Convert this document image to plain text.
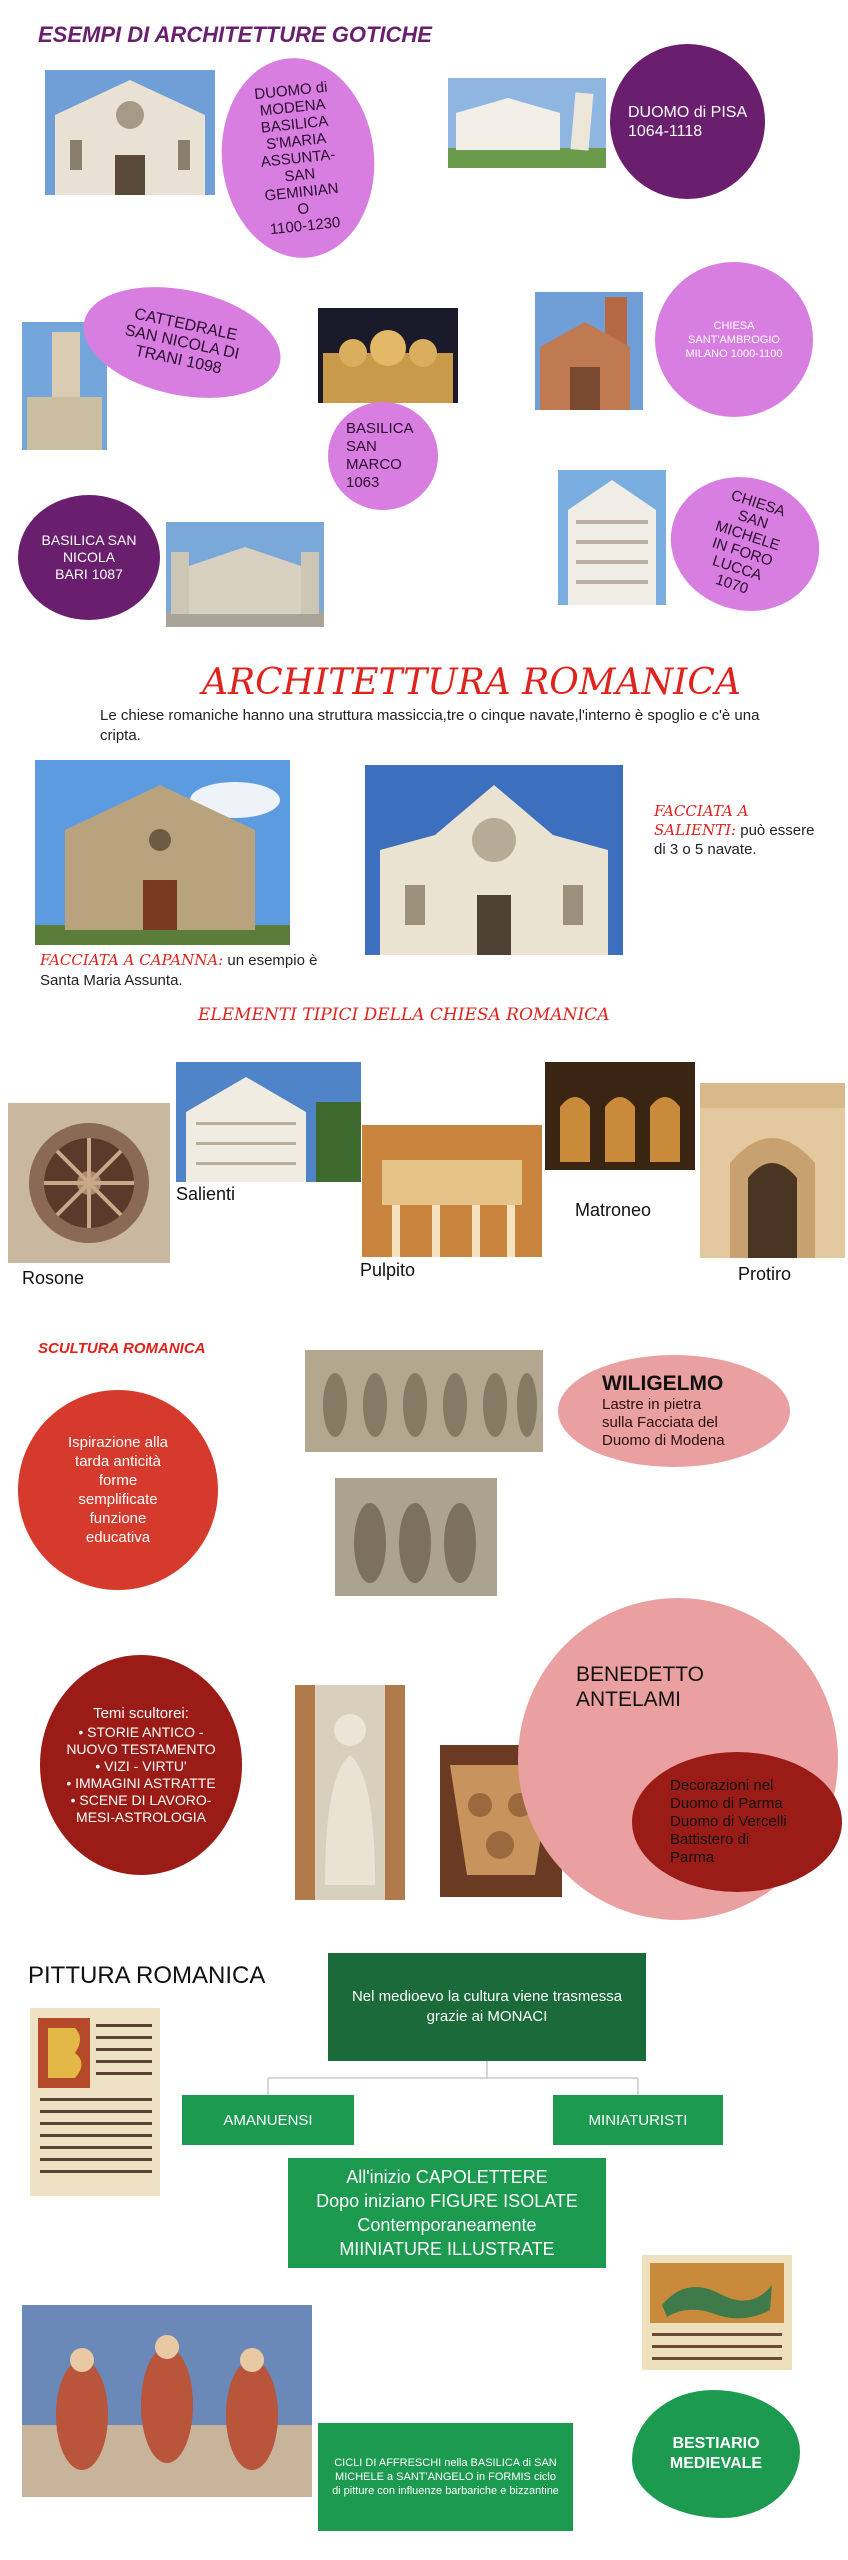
ESEMPI DI ARCHITETTURE GOTICHE
DUOMO di
MODENA
BASILICA
S'MARIA
ASSUNTA-
SAN
GEMINIAN
O
1100-1230
DUOMO di PISA
1064-1118
CATTEDRALE
SAN NICOLA DI
TRANI 1098
BASILICA
SAN
MARCO
1063
CHIESA
SANT'AMBROGIO
MILANO 1000-1100
BASILICA SAN
NICOLA
BARI 1087
CHIESA
SAN
MICHELE
IN FORO
LUCCA
1070
ARCHITETTURA ROMANICA
Le chiese romaniche hanno una struttura massiccia,tre o cinque navate,l'interno è spoglio e c'è una cripta.
FACCIATA A SALIENTI: può essere di 3 o 5 navate.
FACCIATA A CAPANNA: un esempio è Santa Maria Assunta.
ELEMENTI TIPICI DELLA CHIESA ROMANICA
Rosone
Salienti
Pulpito
Matroneo
Protiro
SCULTURA ROMANICA
Ispirazione alla
tarda anticità
forme
semplificate
funzione
educativa
WILIGELMO
Lastre in pietra
sulla Facciata del
Duomo di Modena
Temi scultorei:
• STORIE ANTICO -NUOVO TESTAMENTO
• VIZI - VIRTU'
• IMMAGINI ASTRATTE
• SCENE DI LAVORO-MESI-ASTROLOGIA
BENEDETTO
ANTELAMI
Decorazioni nel
Duomo di Parma
Duomo di Vercelli
Battistero di
Parma
PITTURA ROMANICA
Nel medioevo la cultura viene trasmessa grazie ai MONACI
AMANUENSI	MINIATURISTI
All'inizio CAPOLETTERE
Dopo iniziano FIGURE ISOLATE
Contemporaneamente
MIINIATURE ILLUSTRATE
CICLI DI AFFRESCHI nella BASILICA di SAN MICHELE a SANT'ANGELO in FORMIS ciclo di pitture con influenze barbariche e bizzantine
BESTIARIO
MEDIEVALE
